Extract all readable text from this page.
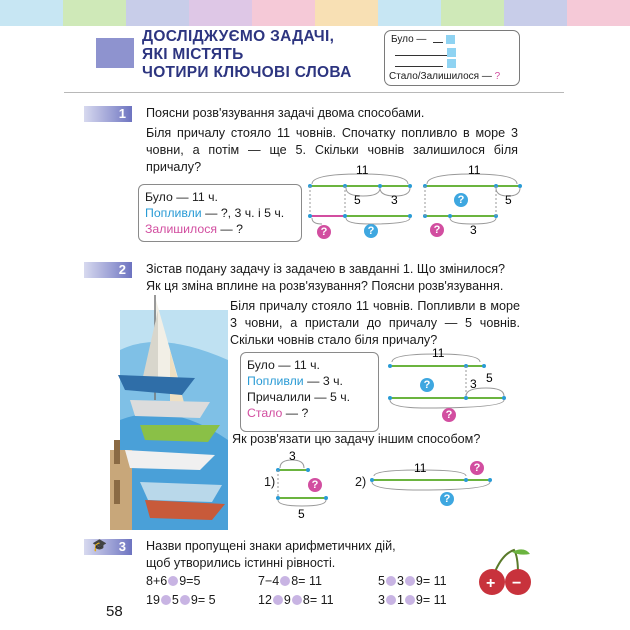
ДОСЛІДЖУЄМО ЗАДАЧІ,
ЯКІ МІСТЯТЬ
ЧОТИРИ КЛЮЧОВІ СЛОВА
Було —
Стало/Залишилося — ?
1	Поясни розв'язування задачі двома способами.
Біля причалу стояло 11 човнів. Спочатку попливло в море 3 човни, а потім — ще 5. Скільки човнів залишилося біля причалу?
Було — 11 ч.
Попливли — ?, 3 ч. і 5 ч.
Залишилося — ?
11
5	3
11
5
3
?	?
?
?
2	Зістав подану задачу із задачею в завданні 1. Що змінилося? Як ця зміна вплине на розв'язування? Поясни розв'язування.
Біля причалу стояло 11 човнів. Попливли в море 3 човни, а пристали до причалу — 5 човнів. Скільки човнів стало біля причалу?
Було — 11 ч.
Попливли — 3 ч.
Причалили — 5 ч.
Стало — ?
11
3 5
?
?
Як розв'язати цю задачу іншим способом?
1)
3
5
?	2)
11	?
?
3
🎓	Назви пропущені знаки арифметичних дій,
щоб утворились істинні рівності.
8+6 9=5	7−4 8= 11	5 3 9= 11
19 5 9= 5	12 9 8= 11	3 1 9= 11
+ −
58
